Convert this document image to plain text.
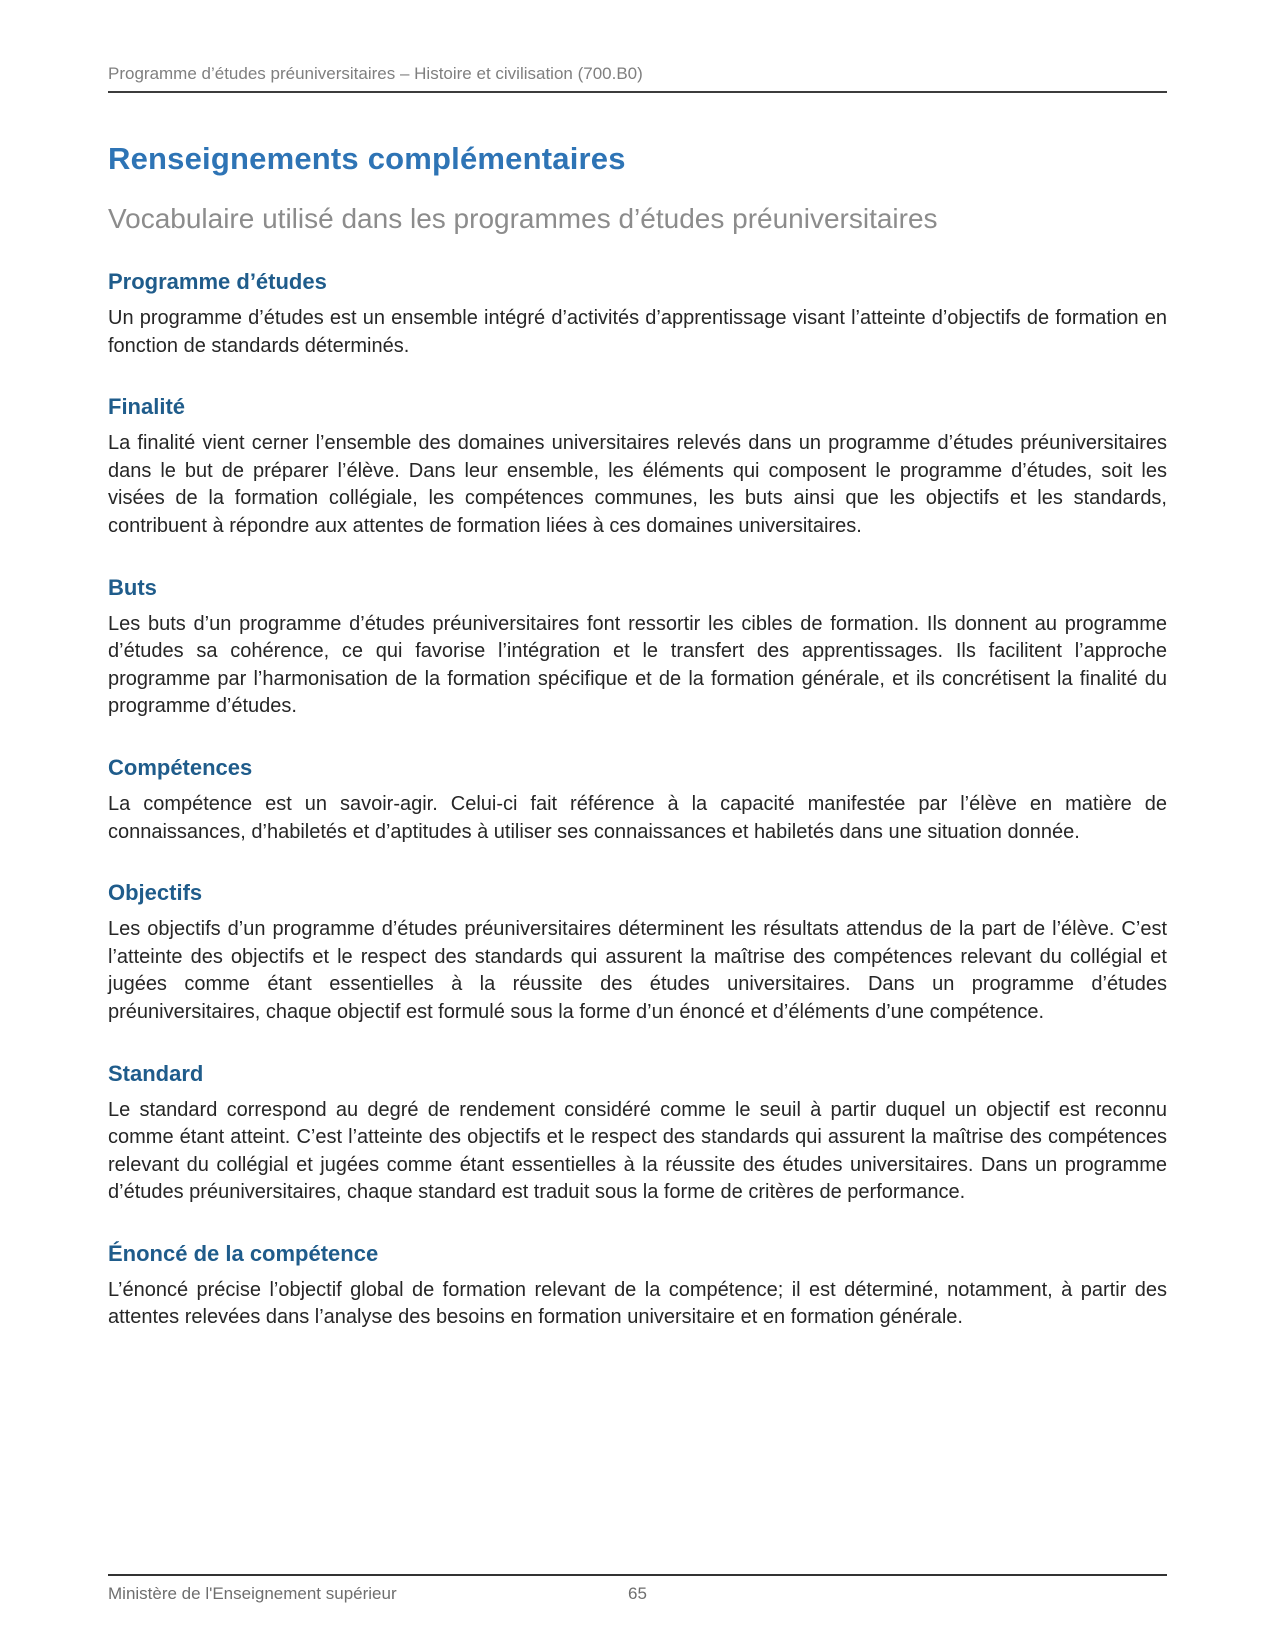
Programme d’études préuniversitaires – Histoire et civilisation (700.B0)
Renseignements complémentaires
Vocabulaire utilisé dans les programmes d’études préuniversitaires
Programme d’études

Un programme d’études est un ensemble intégré d’activités d’apprentissage visant l’atteinte d’objectifs de formation en fonction de standards déterminés.

Finalité

La finalité vient cerner l’ensemble des domaines universitaires relevés dans un programme d’études préuniversitaires dans le but de préparer l’élève. Dans leur ensemble, les éléments qui composent le programme d’études, soit les visées de la formation collégiale, les compétences communes, les buts ainsi que les objectifs et les standards, contribuent à répondre aux attentes de formation liées à ces domaines universitaires.

Buts

Les buts d’un programme d’études préuniversitaires font ressortir les cibles de formation. Ils donnent au programme d’études sa cohérence, ce qui favorise l’intégration et le transfert des apprentissages. Ils facilitent l’approche programme par l’harmonisation de la formation spécifique et de la formation générale, et ils concrétisent la finalité du programme d’études.

Compétences

La compétence est un savoir-agir. Celui-ci fait référence à la capacité manifestée par l’élève en matière de connaissances, d’habiletés et d’aptitudes à utiliser ses connaissances et habiletés dans une situation donnée.

Objectifs

Les objectifs d’un programme d’études préuniversitaires déterminent les résultats attendus de la part de l’élève. C’est l’atteinte des objectifs et le respect des standards qui assurent la maîtrise des compétences relevant du collégial et jugées comme étant essentielles à la réussite des études universitaires. Dans un programme d’études préuniversitaires, chaque objectif est formulé sous la forme d’un énoncé et d’éléments d’une compétence.

Standard

Le standard correspond au degré de rendement considéré comme le seuil à partir duquel un objectif est reconnu comme étant atteint. C’est l’atteinte des objectifs et le respect des standards qui assurent la maîtrise des compétences relevant du collégial et jugées comme étant essentielles à la réussite des études universitaires. Dans un programme d’études préuniversitaires, chaque standard est traduit sous la forme de critères de performance.

Énoncé de la compétence

L’énoncé précise l’objectif global de formation relevant de la compétence; il est déterminé, notamment, à partir des attentes relevées dans l’analyse des besoins en formation universitaire et en formation générale.

Ministère de l'Enseignement supérieur	65
